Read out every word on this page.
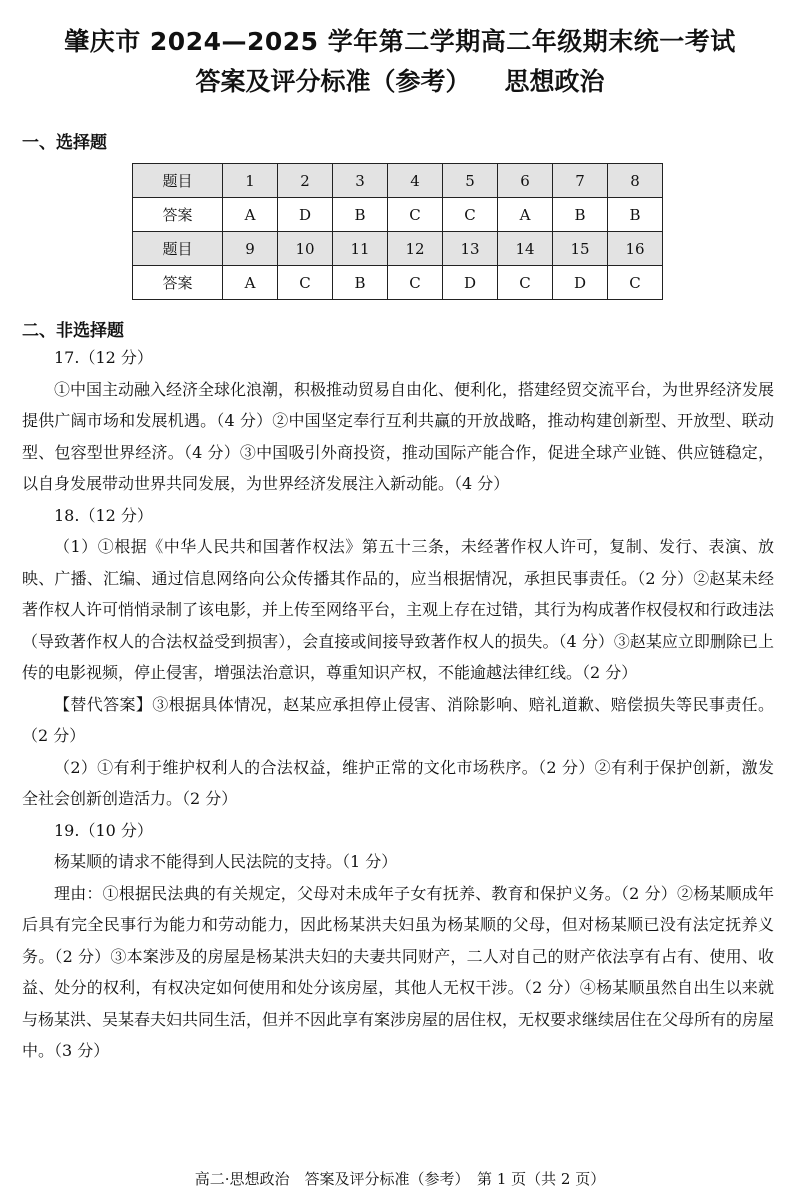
肇庆市 2024—2025 学年第二学期高二年级期末统一考试
答案及评分标准（参考） 思想政治
一、选择题
题目	1	2	3	4	5	6	7	8
答案	A	D	B	C	C	A	B	B
题目	9	10	11	12	13	14	15	16
答案	A	C	B	C	D	C	D	C
二、非选择题

17.（12 分）

①中国主动融入经济全球化浪潮，积极推动贸易自由化、便利化，搭建经贸交流平台，为世界经济发展提供广阔市场和发展机遇。（4 分）②中国坚定奉行互利共赢的开放战略，推动构建创新型、开放型、联动型、包容型世界经济。（4 分）③中国吸引外商投资，推动国际产能合作，促进全球产业链、供应链稳定，以自身发展带动世界共同发展，为世界经济发展注入新动能。（4 分）

18.（12 分）

（1）①根据《中华人民共和国著作权法》第五十三条，未经著作权人许可，复制、发行、表演、放映、广播、汇编、通过信息网络向公众传播其作品的，应当根据情况，承担民事责任。（2 分）②赵某未经著作权人许可悄悄录制了该电影，并上传至网络平台，主观上存在过错，其行为构成著作权侵权和行政违法（导致著作权人的合法权益受到损害），会直接或间接导致著作权人的损失。（4 分）③赵某应立即删除已上传的电影视频，停止侵害，增强法治意识，尊重知识产权，不能逾越法律红线。（2 分）

【替代答案】③根据具体情况，赵某应承担停止侵害、消除影响、赔礼道歉、赔偿损失等民事责任。（2 分）

（2）①有利于维护权利人的合法权益，维护正常的文化市场秩序。（2 分）②有利于保护创新，激发全社会创新创造活力。（2 分）

19.（10 分）

杨某顺的请求不能得到人民法院的支持。（1 分）

理由：①根据民法典的有关规定，父母对未成年子女有抚养、教育和保护义务。（2 分）②杨某顺成年后具有完全民事行为能力和劳动能力，因此杨某洪夫妇虽为杨某顺的父母，但对杨某顺已没有法定抚养义务。（2 分）③本案涉及的房屋是杨某洪夫妇的夫妻共同财产，二人对自己的财产依法享有占有、使用、收益、处分的权利，有权决定如何使用和处分该房屋，其他人无权干涉。（2 分）④杨某顺虽然自出生以来就与杨某洪、吴某春夫妇共同生活，但并不因此享有案涉房屋的居住权，无权要求继续居住在父母所有的房屋中。（3 分）

高二·思想政治　答案及评分标准（参考）　第 1 页（共 2 页）
